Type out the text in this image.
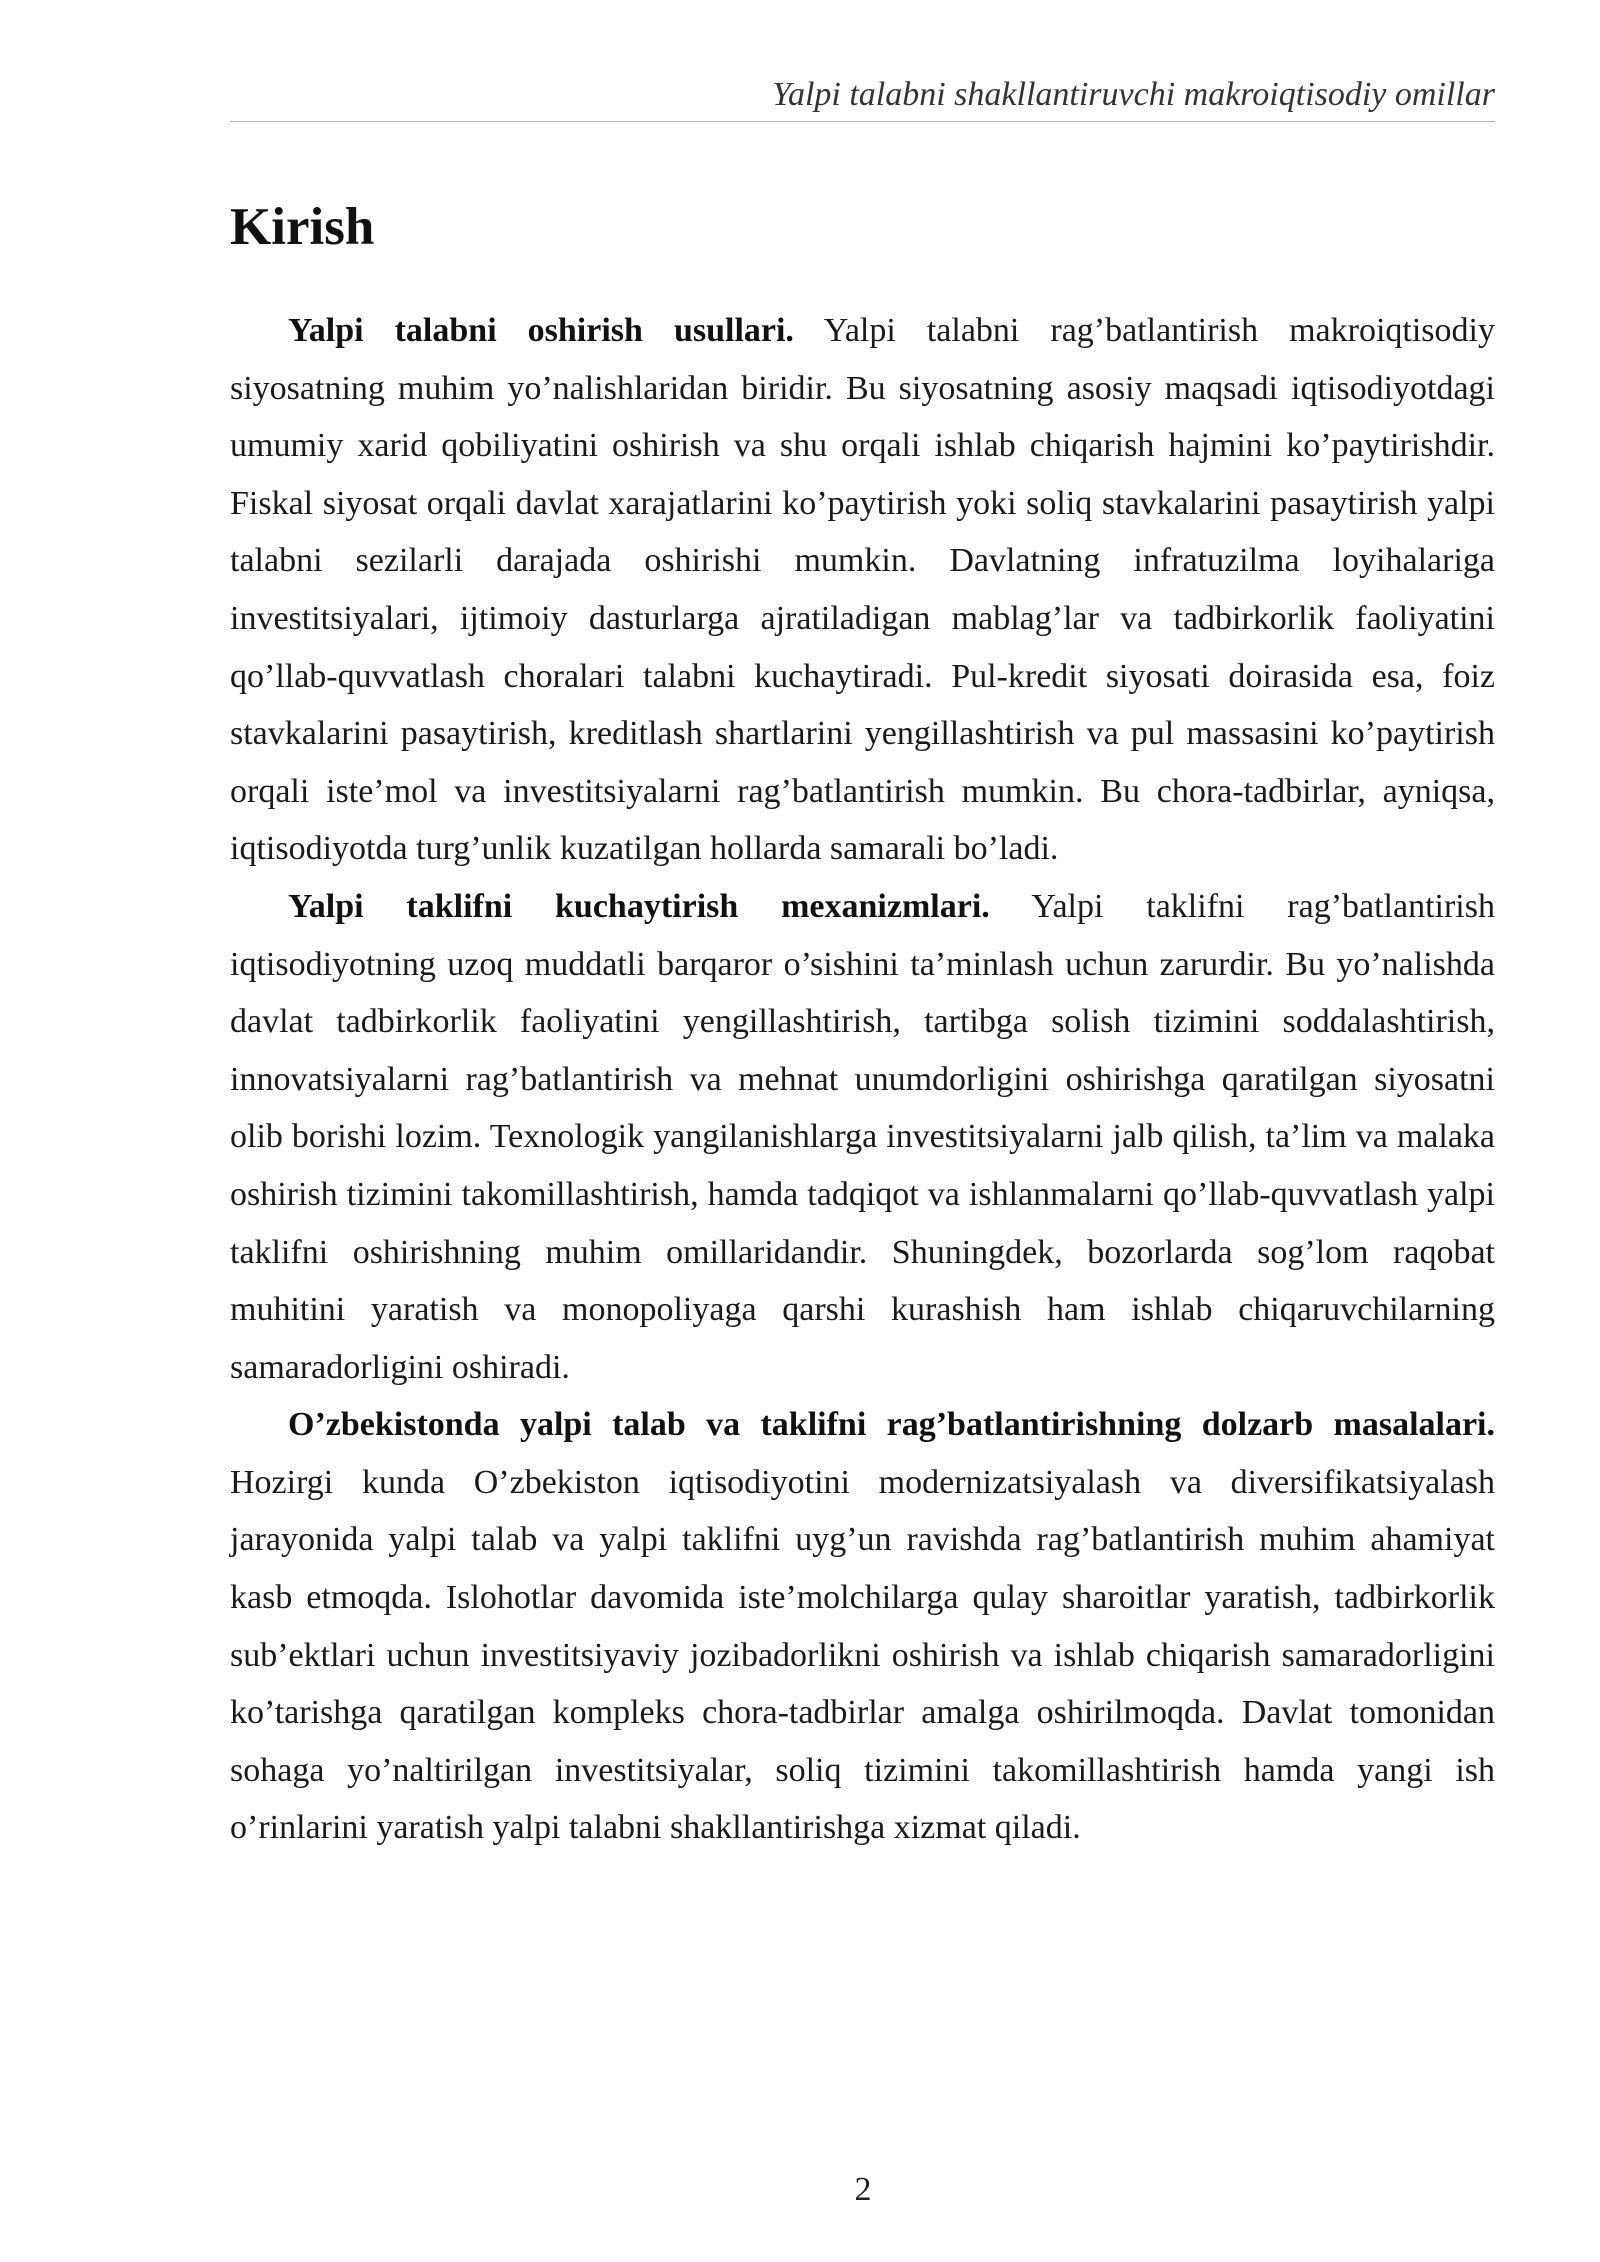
Yalpi talabni shakllantiruvchi makroiqtisodiy omillar
Kirish

Yalpi talabni oshirish usullari. Yalpi talabni rag’batlantirish makroiqtisodiy siyosatning muhim yo’nalishlaridan biridir. Bu siyosatning asosiy maqsadi iqtisodiyotdagi umumiy xarid qobiliyatini oshirish va shu orqali ishlab chiqarish hajmini ko’paytirishdir. Fiskal siyosat orqali davlat xarajatlarini ko’paytirish yoki soliq stavkalarini pasaytirish yalpi talabni sezilarli darajada oshirishi mumkin. Davlatning infratuzilma loyihalariga investitsiyalari, ijtimoiy dasturlarga ajratiladigan mablag’lar va tadbirkorlik faoliyatini qo’llab-quvvatlash choralari talabni kuchaytiradi. Pul-kredit siyosati doirasida esa, foiz stavkalarini pasaytirish, kreditlash shartlarini yengillashtirish va pul massasini ko’paytirish orqali iste’mol va investitsiyalarni rag’batlantirish mumkin. Bu chora-tadbirlar, ayniqsa, iqtisodiyotda turg’unlik kuzatilgan hollarda samarali bo’ladi.

Yalpi taklifni kuchaytirish mexanizmlari. Yalpi taklifni rag’batlantirish iqtisodiyotning uzoq muddatli barqaror o’sishini ta’minlash uchun zarurdir. Bu yo’nalishda davlat tadbirkorlik faoliyatini yengillashtirish, tartibga solish tizimini soddalashtirish, innovatsiyalarni rag’batlantirish va mehnat unumdorligini oshirishga qaratilgan siyosatni olib borishi lozim. Texnologik yangilanishlarga investitsiyalarni jalb qilish, ta’lim va malaka oshirish tizimini takomillashtirish, hamda tadqiqot va ishlanmalarni qo’llab-quvvatlash yalpi taklifni oshirishning muhim omillaridandir. Shuningdek, bozorlarda sog’lom raqobat muhitini yaratish va monopoliyaga qarshi kurashish ham ishlab chiqaruvchilarning samaradorligini oshiradi.

O’zbekistonda yalpi talab va taklifni rag’batlantirishning dolzarb masalalari. Hozirgi kunda O’zbekiston iqtisodiyotini modernizatsiyalash va diversifikatsiyalash jarayonida yalpi talab va yalpi taklifni uyg’un ravishda rag’batlantirish muhim ahamiyat kasb etmoqda. Islohotlar davomida iste’molchilarga qulay sharoitlar yaratish, tadbirkorlik sub’ektlari uchun investitsiyaviy jozibadorlikni oshirish va ishlab chiqarish samaradorligini ko’tarishga qaratilgan kompleks chora-tadbirlar amalga oshirilmoqda. Davlat tomonidan sohaga yo’naltirilgan investitsiyalar, soliq tizimini takomillashtirish hamda yangi ish o’rinlarini yaratish yalpi talabni shakllantirishga xizmat qiladi.

2
